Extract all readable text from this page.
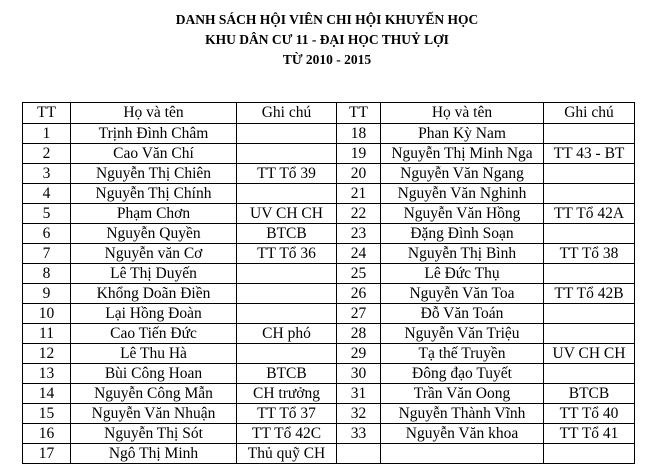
DANH SÁCH HỘI VIÊN CHI HỘI KHUYẾN HỌC
KHU DÂN CƯ 11 - ĐẠI HỌC THUỶ LỢI
TỪ 2010 - 2015
TT	Họ và tên	Ghi chú	TT	Họ và tên	Ghi chú
1	Trịnh Đình Châm		18	Phan Kỳ Nam	
2	Cao Văn Chí		19	Nguyễn Thị Minh Nga	TT 43 - BT
3	Nguyễn Thị Chiên	TT Tổ 39	20	Nguyễn Văn Ngang	
4	Nguyễn Thị Chính		21	Nguyễn Văn Nghinh	
5	Phạm Chơn	UV CH CH	22	Nguyễn Văn Hồng	TT Tổ 42A
6	Nguyễn Quyền	BTCB	23	Đặng Đình Soạn	
7	Nguyễn văn Cơ	TT Tổ 36	24	Nguyễn Thị Bình	TT Tổ 38
8	Lê Thị Duyến		25	Lê Đức Thụ	
9	Khổng Doãn Điền		26	Nguyễn Văn Toa	TT Tổ 42B
10	Lại Hồng Đoàn		27	Đỗ Văn Toán	
11	Cao Tiến Đức	CH phó	28	Nguyễn Văn Triệu	
12	Lê Thu Hà		29	Tạ thế Truyền	UV CH CH
13	Bùi Công Hoan	BTCB	30	Đông đạo Tuyết	
14	Nguyễn Công Mẫn	CH trưởng	31	Trần Văn Oong	BTCB
15	Nguyễn Văn Nhuận	TT Tổ 37	32	Nguyễn Thành Vĩnh	TT Tổ 40
16	Nguyễn Thị Sót	TT Tổ 42C	33	Nguyễn Văn khoa	TT Tổ 41
17	Ngô Thị Minh	Thủ quỹ CH			
